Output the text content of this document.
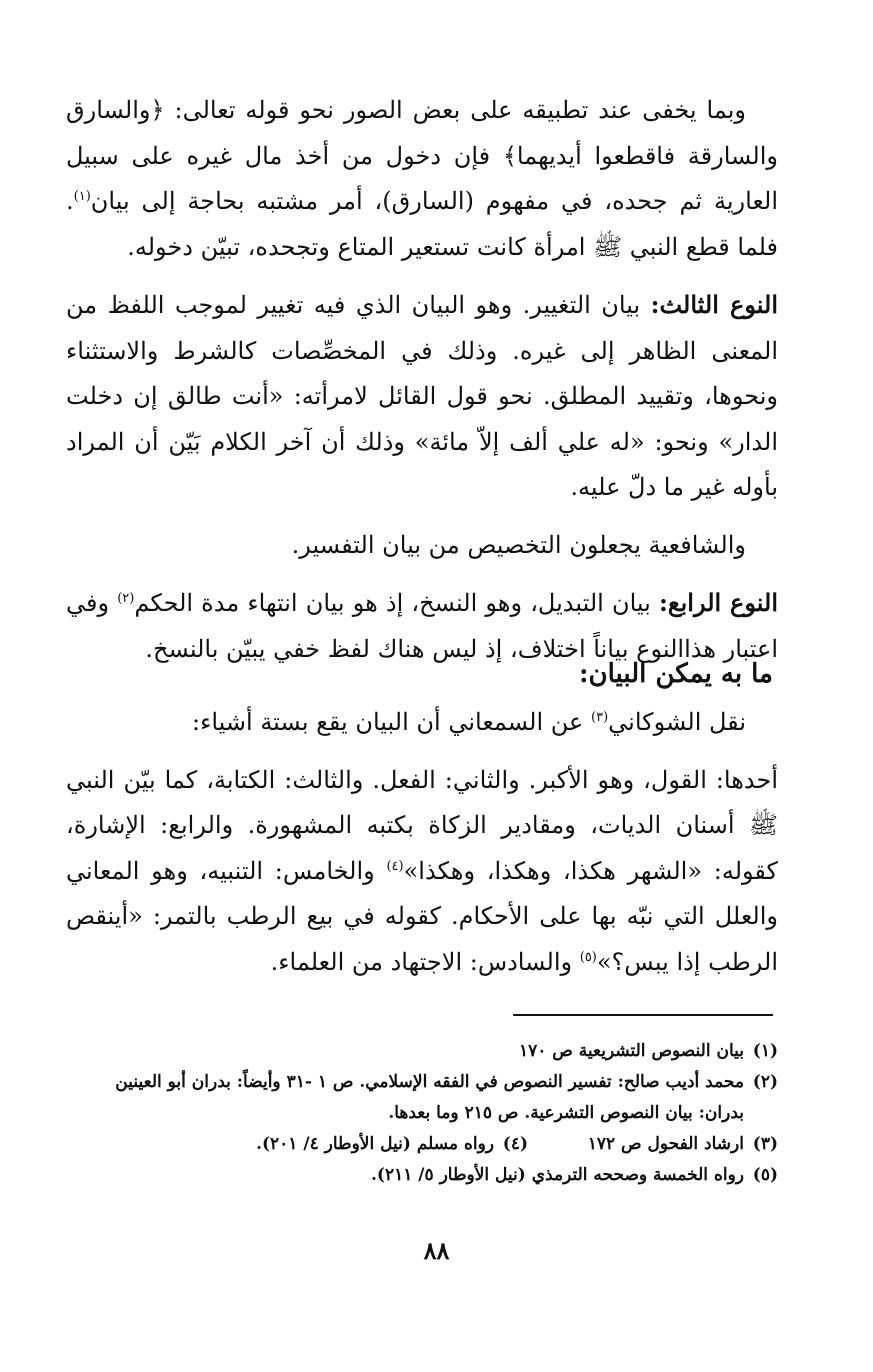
وبما يخفى عند تطبيقه على بعض الصور نحو قوله تعالى: ﴿والسارق والسارقة فاقطعوا أيديهما﴾ فإن دخول من أخذ مال غيره على سبيل العارية ثم جحده، في مفهوم (السارق)، أمر مشتبه بحاجة إلى بيان$^{(١)}$. فلما قطع النبي ﷺ امرأة كانت تستعير المتاع وتجحده، تبيّن دخوله.

النوع الثالث: بيان التغيير. وهو البيان الذي فيه تغيير لموجب اللفظ من المعنى الظاهر إلى غيره. وذلك في المخصِّصات كالشرط والاستثناء ونحوها، وتقييد المطلق. نحو قول القائل لامرأته: «أنت طالق إن دخلت الدار» ونحو: «له علي ألف إلاّ مائة» وذلك أن آخر الكلام بَيّن أن المراد بأوله غير ما دلّ عليه.

والشافعية يجعلون التخصيص من بيان التفسير.

النوع الرابع: بيان التبديل، وهو النسخ، إذ هو بيان انتهاء مدة الحكم$^{(٢)}$ وفي اعتبار هذاالنوع بياناً اختلاف، إذ ليس هناك لفظ خفي يبيّن بالنسخ.

ما به يمكن البيان:

نقل الشوكاني$^{(٣)}$ عن السمعاني أن البيان يقع بستة أشياء:

أحدها: القول، وهو الأكبر. والثاني: الفعل. والثالث: الكتابة، كما بيّن النبي ﷺ أسنان الديات، ومقادير الزكاة بكتبه المشهورة. والرابع: الإشارة، كقوله: «الشهر هكذا، وهكذا، وهكذا»$^{(٤)}$ والخامس: التنبيه، وهو المعاني والعلل التي نبّه بها على الأحكام. كقوله في بيع الرطب بالتمر: «أينقص الرطب إذا يبس؟»$^{(٥)}$ والسادس: الاجتهاد من العلماء.

(١)
بيان النصوص التشريعية ص ١٧٠
(٢)
محمد أديب صالح: تفسير النصوص في الفقه الإسلامي. ص ١ -٣١ وأيضاً: بدران أبو العينين بدران: بيان النصوص التشرعية. ص ٢١٥ وما بعدها.
(٣)
ارشاد الفحول ص ١٧٢
(٤)
رواه مسلم (نيل الأوطار ٤/ ٢٠١).
(٥)
رواه الخمسة وصححه الترمذي (نيل الأوطار ٥/ ٢١١).
٨٨
